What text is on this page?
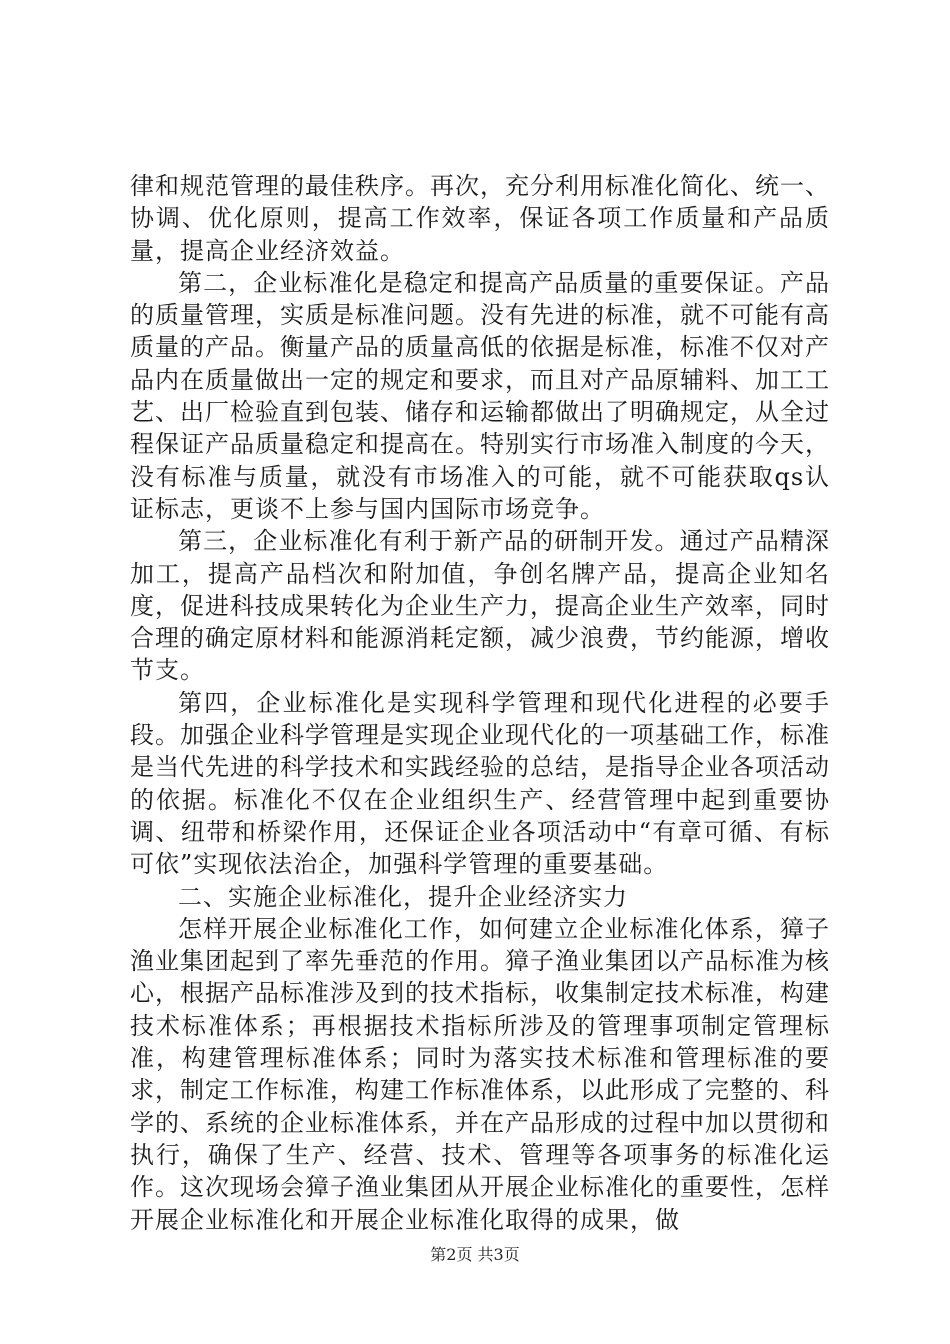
律和规范管理的最佳秩序。再次，充分利用标准化简化、统一、协调、优化原则，提高工作效率，保证各项工作质量和产品质量，提高企业经济效益。

第二，企业标准化是稳定和提高产品质量的重要保证。产品的质量管理，实质是标准问题。没有先进的标准，就不可能有高质量的产品。衡量产品的质量高低的依据是标准，标准不仅对产品内在质量做出一定的规定和要求，而且对产品原辅料、加工工艺、出厂检验直到包装、储存和运输都做出了明确规定，从全过程保证产品质量稳定和提高在。特别实行市场准入制度的今天，没有标准与质量，就没有市场准入的可能，就不可能获取qs认证标志，更谈不上参与国内国际市场竞争。

第三，企业标准化有利于新产品的研制开发。通过产品精深加工，提高产品档次和附加值，争创名牌产品，提高企业知名度，促进科技成果转化为企业生产力，提高企业生产效率，同时合理的确定原材料和能源消耗定额，减少浪费，节约能源，增收节支。

第四，企业标准化是实现科学管理和现代化进程的必要手段。加强企业科学管理是实现企业现代化的一项基础工作，标准是当代先进的科学技术和实践经验的总结，是指导企业各项活动的依据。标准化不仅在企业组织生产、经营管理中起到重要协调、纽带和桥梁作用，还保证企业各项活动中“有章可循、有标可依”实现依法治企，加强科学管理的重要基础。

二、实施企业标准化，提升企业经济实力

怎样开展企业标准化工作，如何建立企业标准化体系，獐子渔业集团起到了率先垂范的作用。獐子渔业集团以产品标准为核心，根据产品标准涉及到的技术指标，收集制定技术标准，构建技术标准体系；再根据技术指标所涉及的管理事项制定管理标准，构建管理标准体系；同时为落实技术标准和管理标准的要求，制定工作标准，构建工作标准体系，以此形成了完整的、科学的、系统的企业标准体系，并在产品形成的过程中加以贯彻和执行，确保了生产、经营、技术、管理等各项事务的标准化运作。这次现场会獐子渔业集团从开展企业标准化的重要性，怎样开展企业标准化和开展企业标准化取得的成果，做

第2页 共3页
